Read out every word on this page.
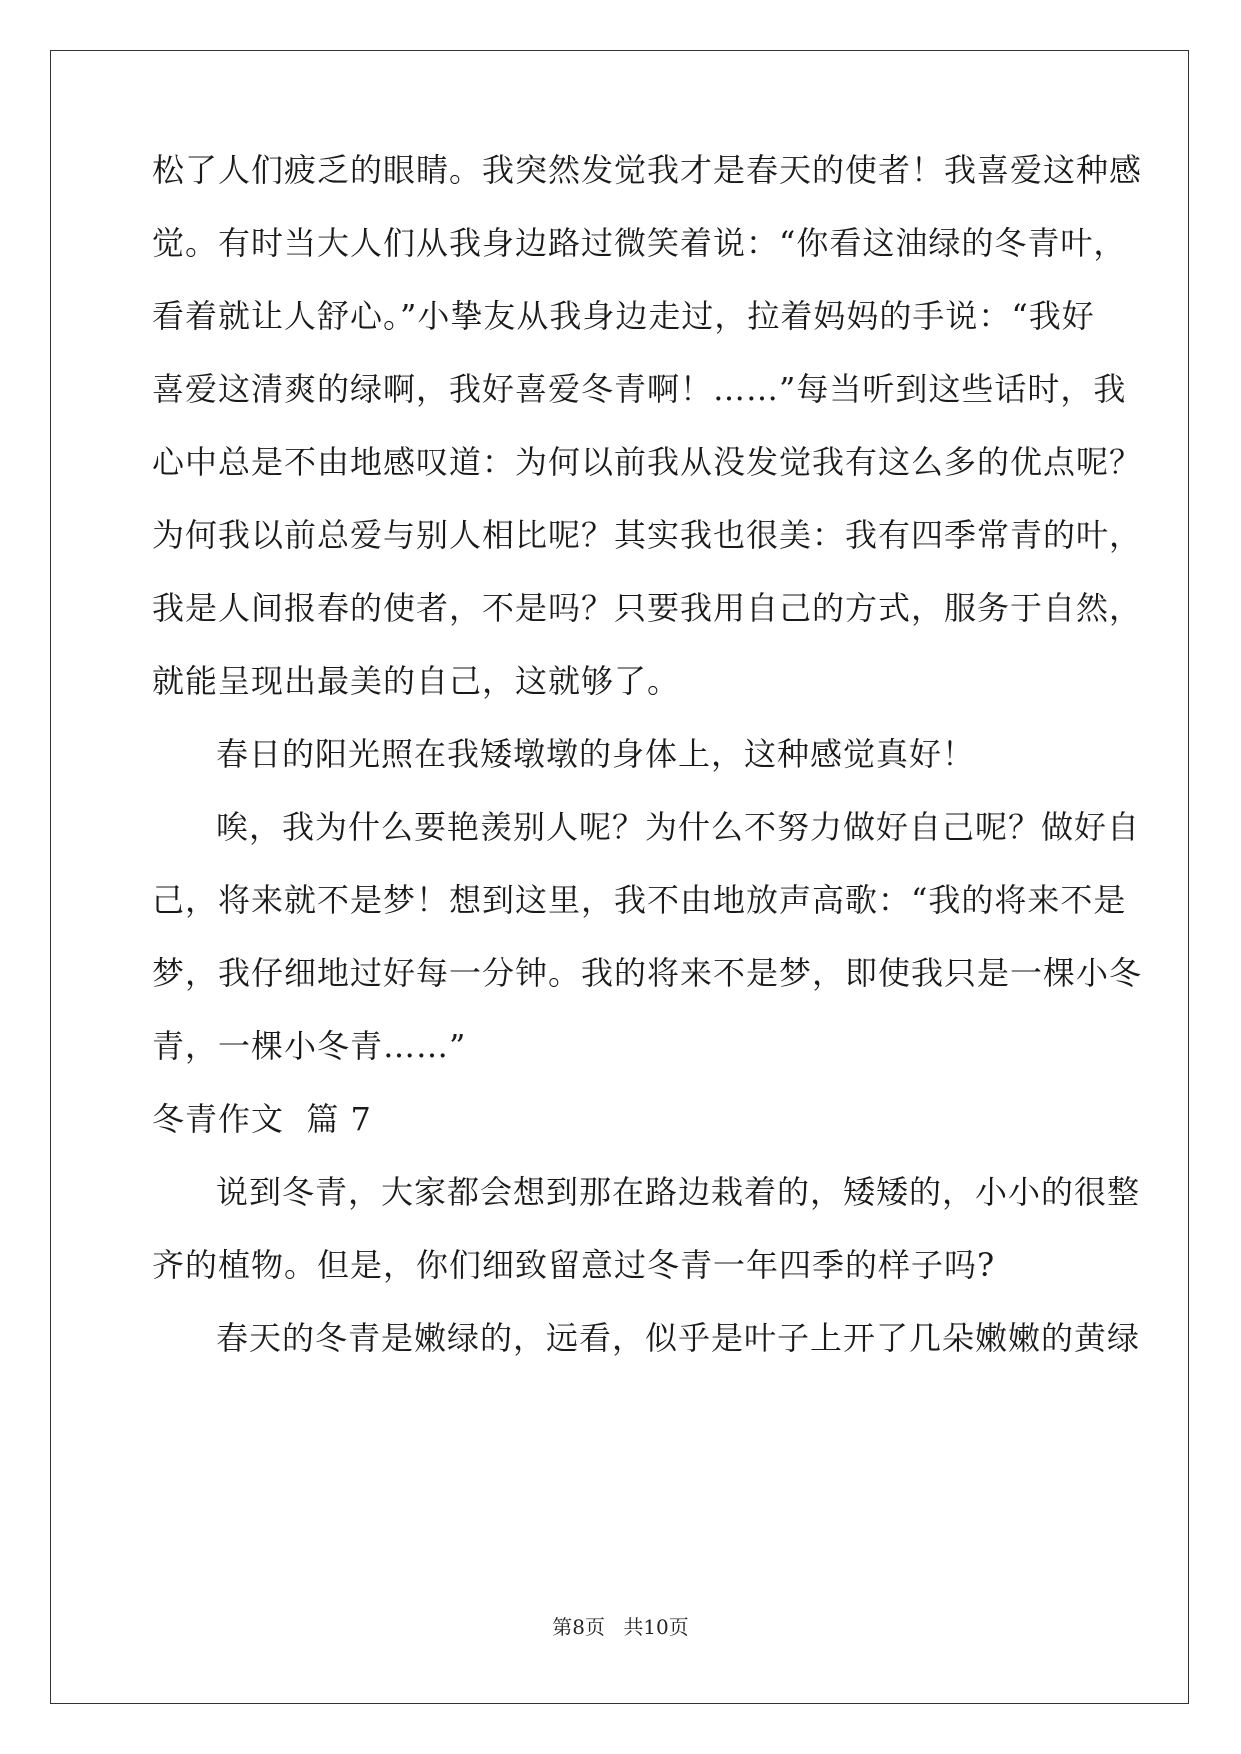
松了人们疲乏的眼睛。我突然发觉我才是春天的使者！我喜爱这种感
觉。有时当大人们从我身边路过微笑着说：“你看这油绿的冬青叶，
看着就让人舒心。”小挚友从我身边走过，拉着妈妈的手说：“我好
喜爱这清爽的绿啊，我好喜爱冬青啊！……”每当听到这些话时，我
心中总是不由地感叹道：为何以前我从没发觉我有这么多的优点呢？
为何我以前总爱与别人相比呢？其实我也很美：我有四季常青的叶，
我是人间报春的使者，不是吗？只要我用自己的方式，服务于自然，
就能呈现出最美的自己，这就够了。
春日的阳光照在我矮墩墩的身体上，这种感觉真好！
唉，我为什么要艳羡别人呢？为什么不努力做好自己呢？做好自
己，将来就不是梦！想到这里，我不由地放声高歌：“我的将来不是
梦，我仔细地过好每一分钟。我的将来不是梦，即使我只是一棵小冬
青，一棵小冬青……”
冬青作文  篇 7
说到冬青，大家都会想到那在路边栽着的，矮矮的，小小的很整
齐的植物。但是，你们细致留意过冬青一年四季的样子吗?
春天的冬青是嫩绿的，远看，似乎是叶子上开了几朵嫩嫩的黄绿
第8页 共10页
